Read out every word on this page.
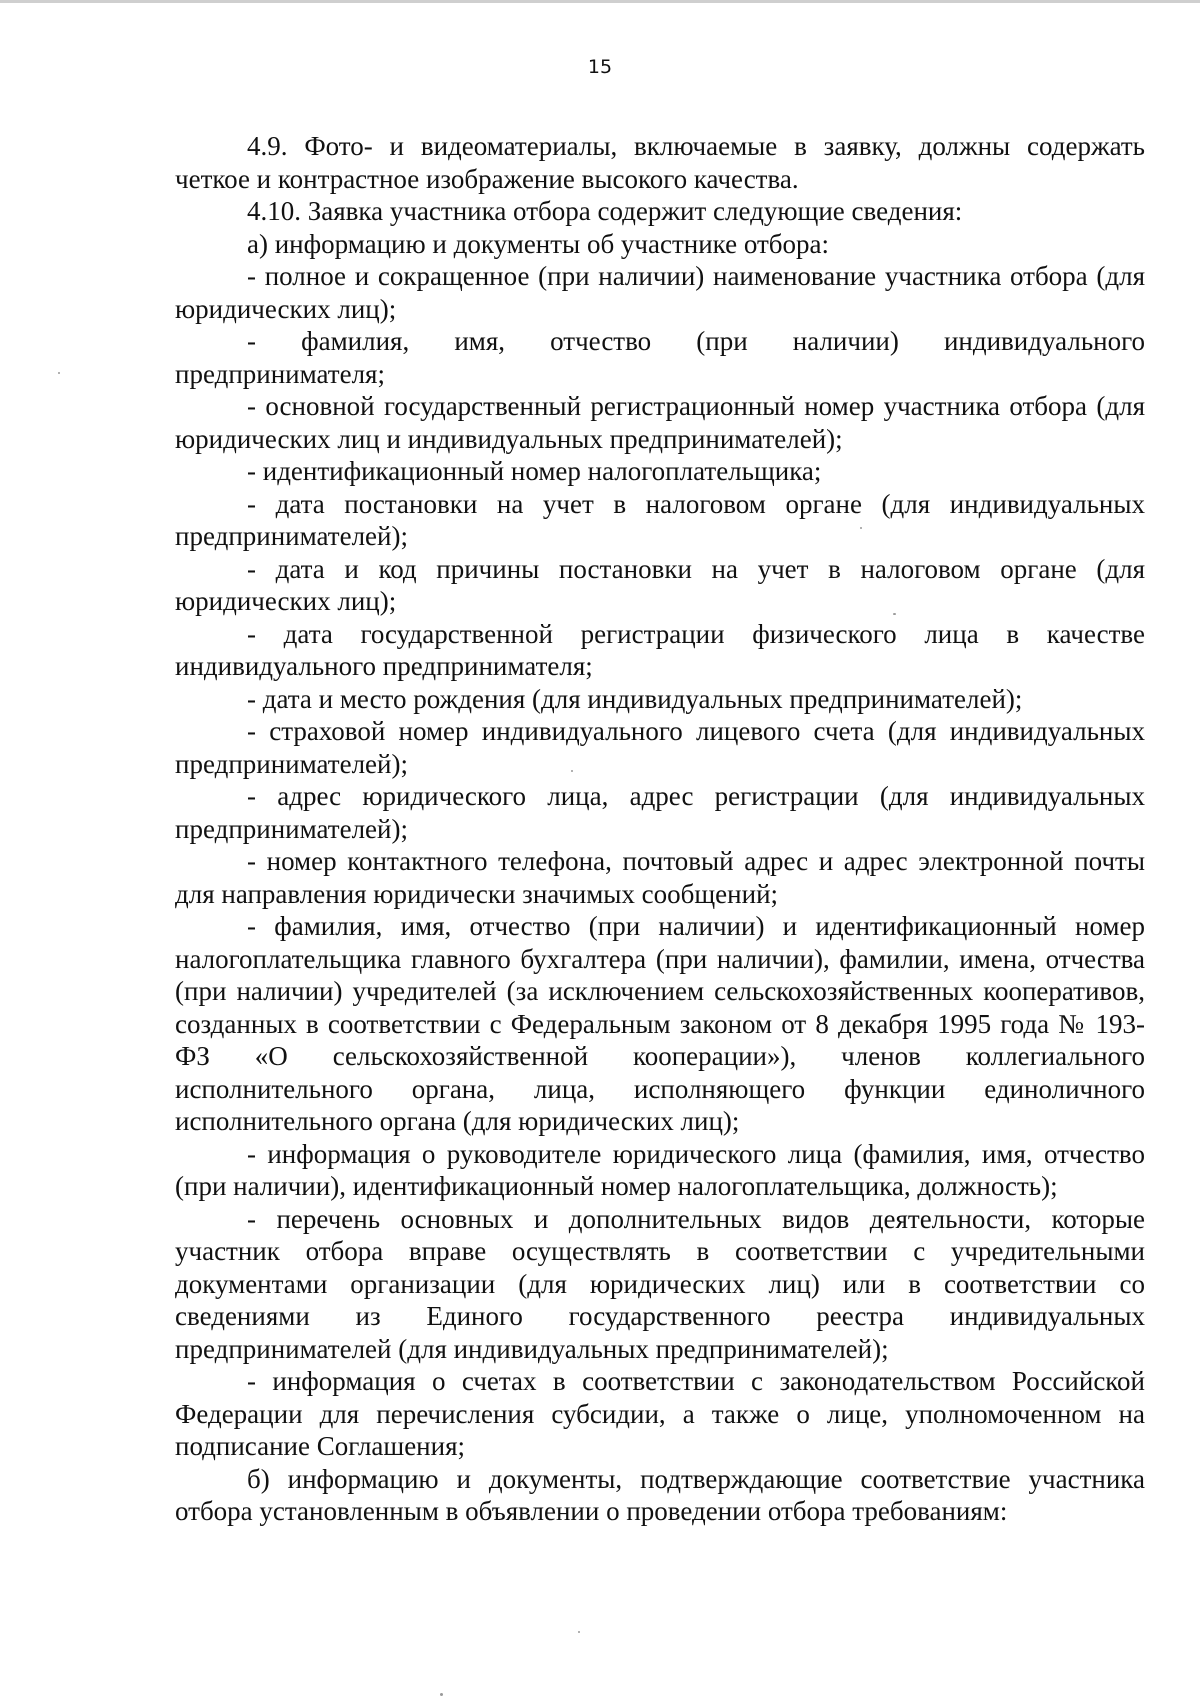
15

4.9. Фото- и видеоматериалы, включаемые в заявку, должны содержать четкое и контрастное изображение высокого качества.

4.10. Заявка участника отбора содержит следующие сведения:

а) информацию и документы об участнике отбора:

- полное и сокращенное (при наличии) наименование участника отбора (для юридических лиц);

- фамилия, имя, отчество (при наличии) индивидуального предпринимателя;

- основной государственный регистрационный номер участника отбора (для юридических лиц и индивидуальных предпринимателей);

- идентификационный номер налогоплательщика;

- дата постановки на учет в налоговом органе (для индивидуальных предпринимателей);

- дата и код причины постановки на учет в налоговом органе (для юридических лиц);

- дата государственной регистрации физического лица в качестве индивидуального предпринимателя;

- дата и место рождения (для индивидуальных предпринимателей);

- страховой номер индивидуального лицевого счета (для индивидуальных предпринимателей);

- адрес юридического лица, адрес регистрации (для индивидуальных предпринимателей);

- номер контактного телефона, почтовый адрес и адрес электронной почты для направления юридически значимых сообщений;

- фамилия, имя, отчество (при наличии) и идентификационный номер налогоплательщика главного бухгалтера (при наличии), фамилии, имена, отчества (при наличии) учредителей (за исключением сельскохозяйственных кооперативов, созданных в соответствии с Федеральным законом от 8 декабря 1995 года № 193-ФЗ «О сельскохозяйственной кооперации»), членов коллегиального исполнительного органа, лица, исполняющего функции единоличного исполнительного органа (для юридических лиц);

- информация о руководителе юридического лица (фамилия, имя, отчество (при наличии), идентификационный номер налогоплательщика, должность);

- перечень основных и дополнительных видов деятельности, которые участник отбора вправе осуществлять в соответствии с учредительными документами организации (для юридических лиц) или в соответствии со сведениями из Единого государственного реестра индивидуальных предпринимателей (для индивидуальных предпринимателей);

- информация о счетах в соответствии с законодательством Российской Федерации для перечисления субсидии, а также о лице, уполномоченном на подписание Соглашения;

б) информацию и документы, подтверждающие соответствие участника отбора установленным в объявлении о проведении отбора требованиям:
